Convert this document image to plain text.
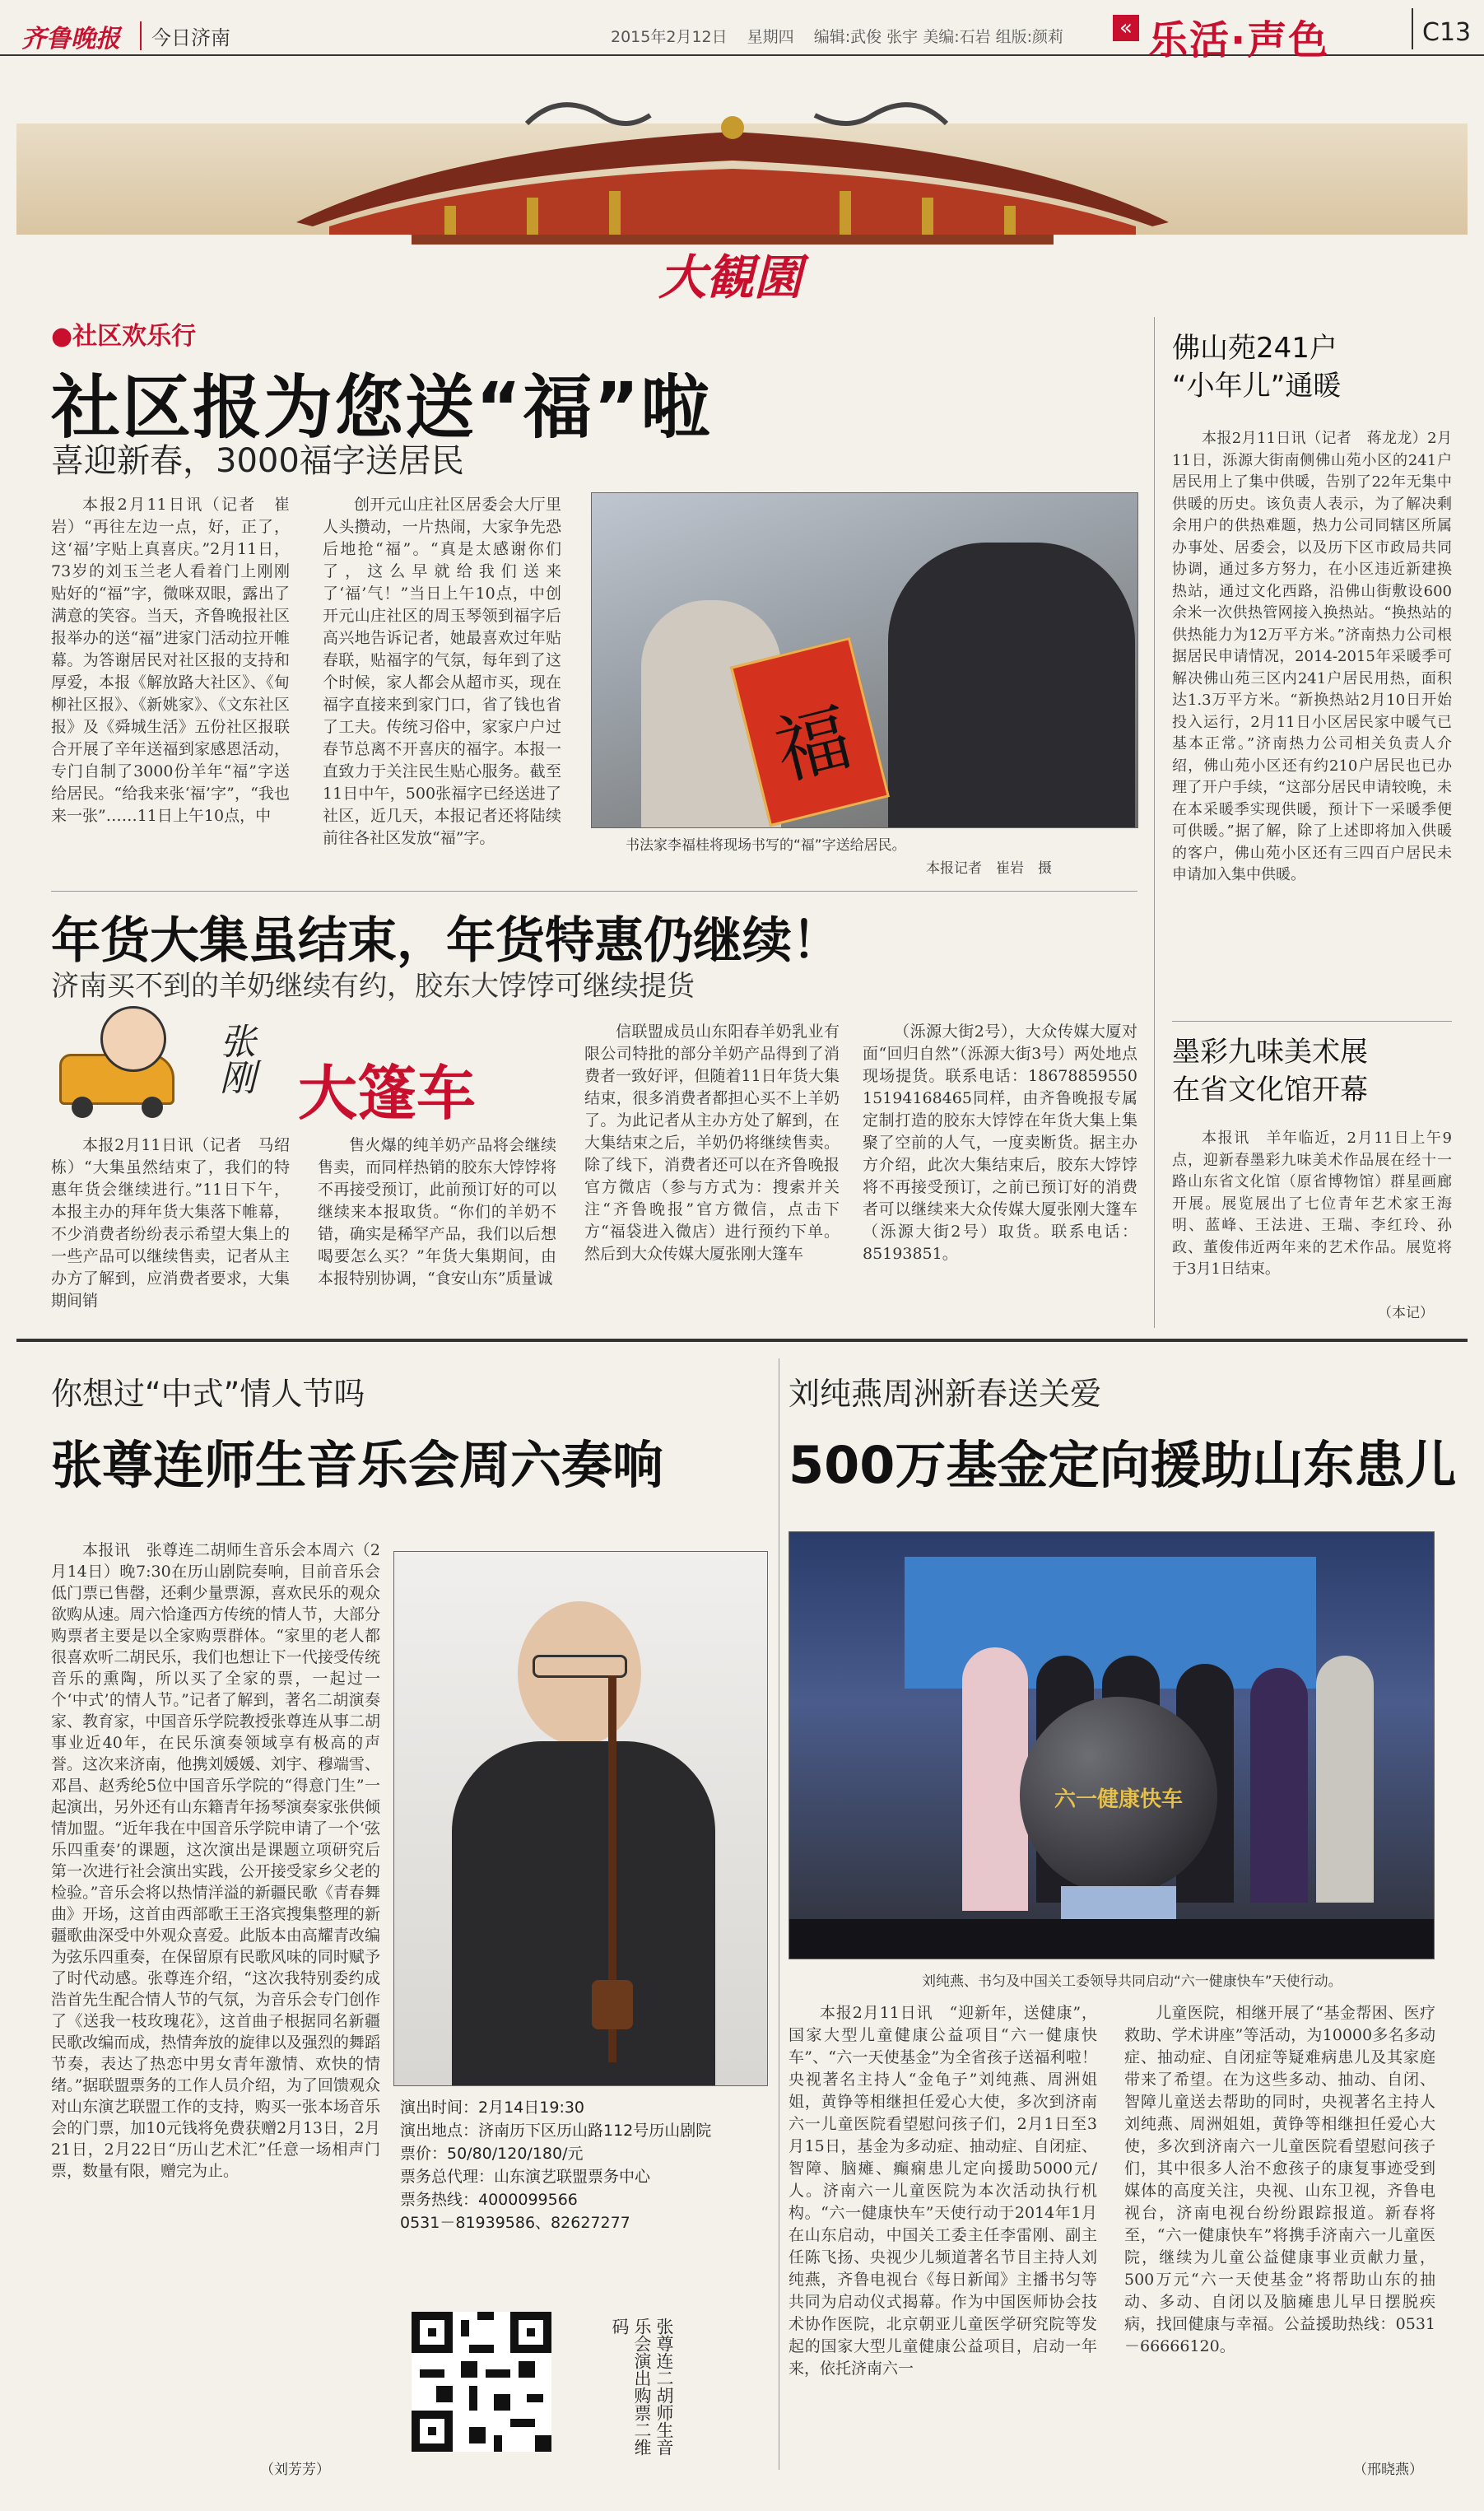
齐鲁晚报	今日济南	2015年2月12日 星期四 编辑:武俊 张宇 美编:石岩 组版:颜莉	« 乐活·声色	C13
大観園
●社区欢乐行
社区报为您送“福”啦
喜迎新春，3000福字送居民

本报2月11日讯（记者　崔岩）“再往左边一点，好，正了，这‘福’字贴上真喜庆。”2月11日，73岁的刘玉兰老人看着门上刚刚贴好的“福”字，微咪双眼，露出了满意的笑容。当天，齐鲁晚报社区报举办的送“福”进家门活动拉开帷幕。为答谢居民对社区报的支持和厚爱，本报《解放路大社区》、《甸柳社区报》、《新姚家》、《文东社区报》及《舜城生活》五份社区报联合开展了辛年送福到家感恩活动，专门自制了3000份羊年“福”字送给居民。“给我来张‘福’字”，“我也来一张”……11日上午10点，中

创开元山庄社区居委会大厅里人头攒动，一片热闹，大家争先恐后地抢“福”。“真是太感谢你们了，这么早就给我们送来了‘福’气！”当日上午10点，中创开元山庄社区的周玉琴领到福字后高兴地告诉记者，她最喜欢过年贴春联，贴福字的气氛，每年到了这个时候，家人都会从超市买，现在福字直接来到家门口，省了钱也省了工夫。传统习俗中，家家户户过春节总离不开喜庆的福字。本报一直致力于关注民生贴心服务。截至11日中午，500张福字已经送进了社区，近几天，本报记者还将陆续前往各社区发放“福”字。

福
书法家李福桂将现场书写的“福”字送给居民。
本报记者　崔岩　摄
佛山苑241户
“小年儿”通暖

本报2月11日讯（记者　蒋龙龙）2月11日，泺源大街南侧佛山苑小区的241户居民用上了集中供暖，告别了22年无集中供暖的历史。该负责人表示，为了解决剩余用户的供热难题，热力公司同辖区所属办事处、居委会，以及历下区市政局共同协调，通过多方努力，在小区违近新建换热站，通过文化西路，沿佛山街敷设600余米一次供热管网接入换热站。“换热站的供热能力为12万平方米。”济南热力公司根据居民申请情况，2014-2015年采暖季可解决佛山苑三区内241户居民用热，面积达1.3万平方米。“新换热站2月10日开始投入运行，2月11日小区居民家中暖气已基本正常。”济南热力公司相关负责人介绍，佛山苑小区还有约210户居民也已办理了开户手续，“这部分居民申请较晚，未在本采暖季实现供暖，预计下一采暖季便可供暖。”据了解，除了上述即将加入供暖的客户，佛山苑小区还有三四百户居民未申请加入集中供暖。

墨彩九味美术展
在省文化馆开幕

本报讯　羊年临近，2月11日上午9点，迎新春墨彩九味美术作品展在经十一路山东省文化馆（原省博物馆）群星画廊开展。展览展出了七位青年艺术家王海明、蓝峰、王法进、王瑞、李红玲、孙政、董俊伟近两年来的艺术作品。展览将于3月1日结束。

（本记）
年货大集虽结束，年货特惠仍继续！
济南买不到的羊奶继续有约，胶东大饽饽可继续提货
张刚 大篷车

本报2月11日讯（记者　马绍栋）“大集虽然结束了，我们的特惠年货会继续进行。”11日下午，本报主办的拜年货大集落下帷幕，不少消费者纷纷表示希望大集上的一些产品可以继续售卖，记者从主办方了解到，应消费者要求，大集期间销

售火爆的纯羊奶产品将会继续售卖，而同样热销的胶东大饽饽将不再接受预订，此前预订好的可以继续来本报取货。“你们的羊奶不错，确实是稀罕产品，我们以后想喝要怎么买？”年货大集期间，由本报特别协调，“食安山东”质量诚

信联盟成员山东阳春羊奶乳业有限公司特批的部分羊奶产品得到了消费者一致好评，但随着11日年货大集结束，很多消费者都担心买不上羊奶了。为此记者从主办方处了解到，在大集结束之后，羊奶仍将继续售卖。除了线下，消费者还可以在齐鲁晚报官方微店（参与方式为：搜索并关注“齐鲁晚报”官方微信，点击下方“福袋进入微店）进行预约下单。然后到大众传媒大厦张刚大篷车

（泺源大街2号），大众传媒大厦对面“回归自然”（泺源大街3号）两处地点现场提货。联系电话：18678859550 15194168465同样，由齐鲁晚报专属定制打造的胶东大饽饽在年货大集上集聚了空前的人气，一度卖断货。据主办方介绍，此次大集结束后，胶东大饽饽将不再接受预订，之前已预订好的消费者可以继续来大众传媒大厦张刚大篷车（泺源大街2号）取货。联系电话：85193851。

你想过“中式”情人节吗
张尊连师生音乐会周六奏响

本报讯　张尊连二胡师生音乐会本周六（2月14日）晚7:30在历山剧院奏响，目前音乐会低门票已售罄，还剩少量票源，喜欢民乐的观众欲购从速。周六恰逢西方传统的情人节，大部分购票者主要是以全家购票群体。“家里的老人都很喜欢听二胡民乐，我们也想让下一代接受传统音乐的熏陶，所以买了全家的票，一起过一个‘中式’的情人节。”记者了解到，著名二胡演奏家、教育家，中国音乐学院教授张尊连从事二胡事业近40年，在民乐演奏领域享有极高的声誉。这次来济南，他携刘媛媛、刘宇、穆端雪、邓昌、赵秀纶5位中国音乐学院的“得意门生”一起演出，另外还有山东籍青年扬琴演奏家张供倾情加盟。“近年我在中国音乐学院申请了一个‘弦乐四重奏’的课题，这次演出是课题立项研究后第一次进行社会演出实践，公开接受家乡父老的检验。”音乐会将以热情洋溢的新疆民歌《青春舞曲》开场，这首由西部歌王王洛宾搜集整理的新疆歌曲深受中外观众喜爱。此版本由高耀青改编为弦乐四重奏，在保留原有民歌风味的同时赋予了时代动感。张尊连介绍，“这次我特别委约成浩首先生配合情人节的气氛，为音乐会专门创作了《送我一枝玫瑰花》，这首曲子根据同名新疆民歌改编而成，热情奔放的旋律以及强烈的舞蹈节奏，表达了热恋中男女青年激情、欢快的情绪。”据联盟票务的工作人员介绍，为了回馈观众对山东演艺联盟工作的支持，购买一张本场音乐会的门票，加10元钱将免费获赠2月13日，2月21日，2月22日“历山艺术汇”任意一场相声门票，数量有限，赠完为止。

（刘芳芳）
演出时间：2月14日19:30
演出地点：济南历下区历山路112号历山剧院
票价：50/80/120/180/元
票务总代理：山东演艺联盟票务中心
票务热线：4000099566
0531－81939586、82627277
张尊连二胡师生音乐会演出购票二维码
刘纯燕周洲新春送关爱
500万基金定向援助山东患儿
六一健康快车
刘纯燕、书匀及中国关工委领导共同启动“六一健康快车”天使行动。

本报2月11日讯　“迎新年，送健康”，国家大型儿童健康公益项目“六一健康快车”、“六一天使基金”为全省孩子送福利啦！央视著名主持人“金龟子”刘纯燕、周洲姐姐，黄铮等相继担任爱心大使，多次到济南六一儿童医院看望慰问孩子们，2月1日至3月15日，基金为多动症、抽动症、自闭症、智障、脑瘫、癫痫患儿定向援助5000元/人。济南六一儿童医院为本次活动执行机构。“六一健康快车”天使行动于2014年1月在山东启动，中国关工委主任李雷刚、副主任陈飞扬、央视少儿频道著名节目主持人刘纯燕，齐鲁电视台《每日新闻》主播书匀等共同为启动仪式揭幕。作为中国医师协会技术协作医院，北京朝亚儿童医学研究院等发起的国家大型儿童健康公益项目，启动一年来，依托济南六一

儿童医院，相继开展了“基金帮困、医疗救助、学术讲座”等活动，为10000多名多动症、抽动症、自闭症等疑难病患儿及其家庭带来了希望。在为这些多动、抽动、自闭、智障儿童送去帮助的同时，央视著名主持人刘纯燕、周洲姐姐，黄铮等相继担任爱心大使，多次到济南六一儿童医院看望慰问孩子们，其中很多人治不愈孩子的康复事迹受到媒体的高度关注，央视、山东卫视，齐鲁电视台，济南电视台纷纷跟踪报道。新春将至，“六一健康快车”将携手济南六一儿童医院，继续为儿童公益健康事业贡献力量，500万元“六一天使基金”将帮助山东的抽动、多动、自闭以及脑瘫患儿早日摆脱疾病，找回健康与幸福。公益援助热线：0531－66666120。

（邢晓燕）
